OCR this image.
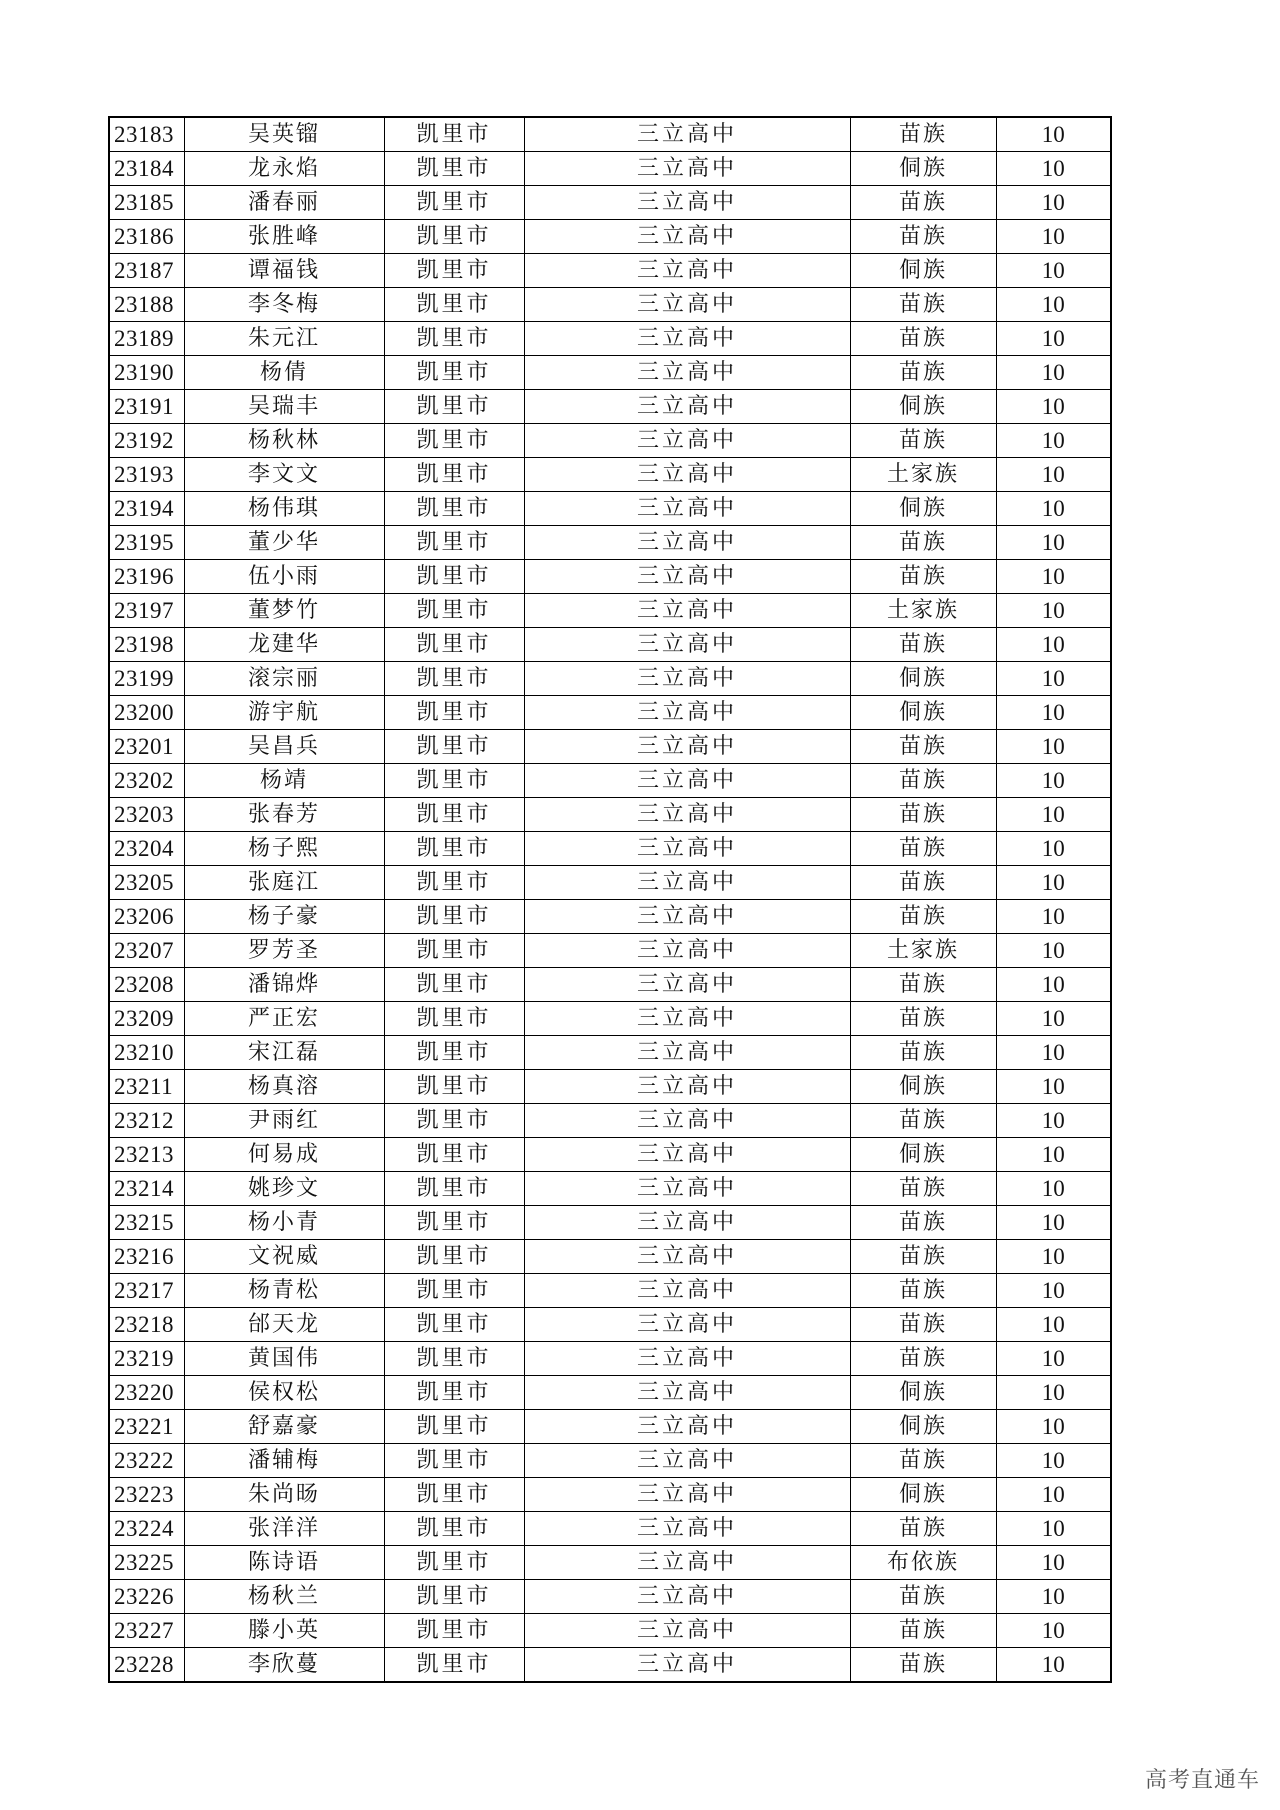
23183	吴英镏	凯里市	三立高中	苗族	10
23184	龙永焰	凯里市	三立高中	侗族	10
23185	潘春丽	凯里市	三立高中	苗族	10
23186	张胜峰	凯里市	三立高中	苗族	10
23187	谭福钱	凯里市	三立高中	侗族	10
23188	李冬梅	凯里市	三立高中	苗族	10
23189	朱元江	凯里市	三立高中	苗族	10
23190	杨倩	凯里市	三立高中	苗族	10
23191	吴瑞丰	凯里市	三立高中	侗族	10
23192	杨秋林	凯里市	三立高中	苗族	10
23193	李文文	凯里市	三立高中	土家族	10
23194	杨伟琪	凯里市	三立高中	侗族	10
23195	董少华	凯里市	三立高中	苗族	10
23196	伍小雨	凯里市	三立高中	苗族	10
23197	董梦竹	凯里市	三立高中	土家族	10
23198	龙建华	凯里市	三立高中	苗族	10
23199	滚宗丽	凯里市	三立高中	侗族	10
23200	游宇航	凯里市	三立高中	侗族	10
23201	吴昌兵	凯里市	三立高中	苗族	10
23202	杨靖	凯里市	三立高中	苗族	10
23203	张春芳	凯里市	三立高中	苗族	10
23204	杨子熙	凯里市	三立高中	苗族	10
23205	张庭江	凯里市	三立高中	苗族	10
23206	杨子豪	凯里市	三立高中	苗族	10
23207	罗芳圣	凯里市	三立高中	土家族	10
23208	潘锦烨	凯里市	三立高中	苗族	10
23209	严正宏	凯里市	三立高中	苗族	10
23210	宋江磊	凯里市	三立高中	苗族	10
23211	杨真溶	凯里市	三立高中	侗族	10
23212	尹雨红	凯里市	三立高中	苗族	10
23213	何易成	凯里市	三立高中	侗族	10
23214	姚珍文	凯里市	三立高中	苗族	10
23215	杨小青	凯里市	三立高中	苗族	10
23216	文祝威	凯里市	三立高中	苗族	10
23217	杨青松	凯里市	三立高中	苗族	10
23218	邰天龙	凯里市	三立高中	苗族	10
23219	黄国伟	凯里市	三立高中	苗族	10
23220	侯权松	凯里市	三立高中	侗族	10
23221	舒嘉豪	凯里市	三立高中	侗族	10
23222	潘辅梅	凯里市	三立高中	苗族	10
23223	朱尚旸	凯里市	三立高中	侗族	10
23224	张洋洋	凯里市	三立高中	苗族	10
23225	陈诗语	凯里市	三立高中	布依族	10
23226	杨秋兰	凯里市	三立高中	苗族	10
23227	滕小英	凯里市	三立高中	苗族	10
23228	李欣蔓	凯里市	三立高中	苗族	10
高考直通车
